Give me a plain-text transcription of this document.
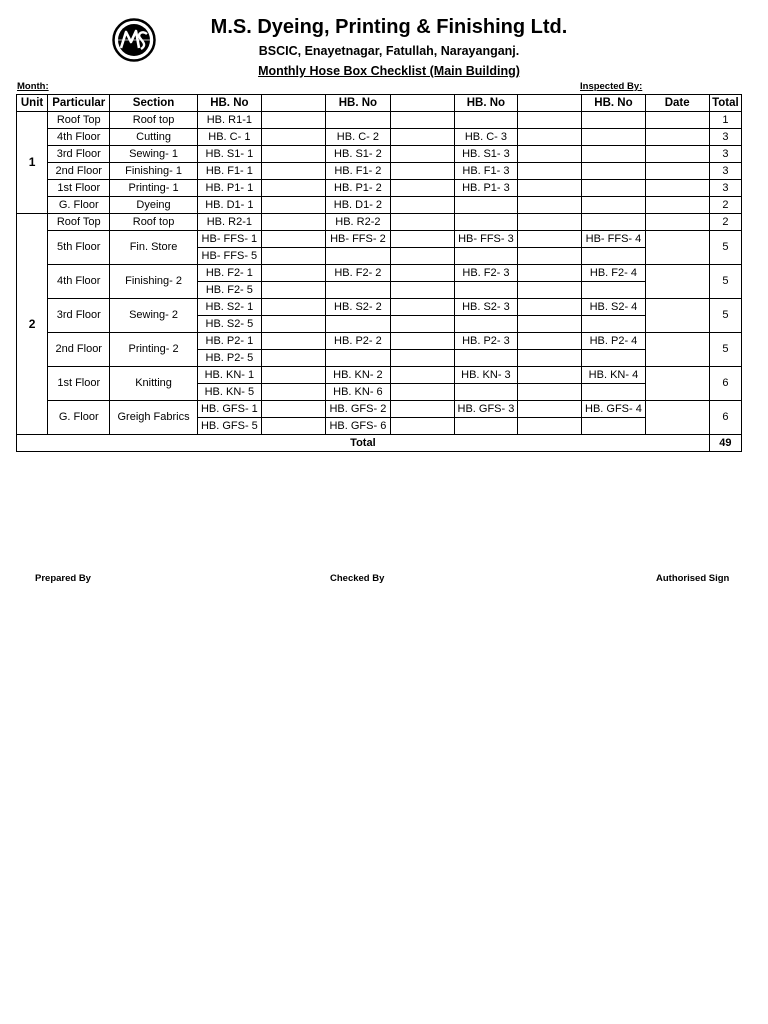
M.S. Dyeing, Printing & Finishing Ltd.
BSCIC, Enayetnagar, Fatullah, Narayanganj.
Monthly Hose Box Checklist (Main Building)
Month:	Inspected By:
Unit	Particular	Section	HB. No		HB. No		HB. No		HB. No	Date	Total
1	Roof Top	Roof top	HB. R1-1								1
	4th Floor	Cutting	HB. C- 1		HB. C- 2		HB. C- 3				3
	3rd Floor	Sewing- 1	HB. S1- 1		HB. S1- 2		HB. S1- 3				3
	2nd Floor	Finishing- 1	HB. F1- 1		HB. F1- 2		HB. F1- 3				3
	1st Floor	Printing- 1	HB. P1- 1		HB. P1- 2		HB. P1- 3				3
	G. Floor	Dyeing	HB. D1- 1		HB. D1- 2						2
2	Roof Top	Roof top	HB. R2-1		HB. R2-2						2
	5th Floor	Fin. Store	HB- FFS- 1		HB- FFS- 2		HB- FFS- 3		HB- FFS- 4		5
			HB- FFS- 5								
	4th Floor	Finishing- 2	HB. F2- 1		HB. F2- 2		HB. F2- 3		HB. F2- 4		5
			HB. F2- 5								
	3rd Floor	Sewing- 2	HB. S2- 1		HB. S2- 2		HB. S2- 3		HB. S2- 4		5
			HB. S2- 5								
	2nd Floor	Printing- 2	HB. P2- 1		HB. P2- 2		HB. P2- 3		HB. P2- 4		5
			HB. P2- 5								
	1st Floor	Knitting	HB. KN- 1		HB. KN- 2		HB. KN- 3		HB. KN- 4		6
			HB. KN- 5		HB. KN- 6						
	G. Floor	Greigh Fabrics	HB. GFS- 1		HB. GFS- 2		HB. GFS- 3		HB. GFS- 4		6
			HB. GFS- 5		HB. GFS- 6						
Total											49
Prepared By	Checked By	Authorised Sign
